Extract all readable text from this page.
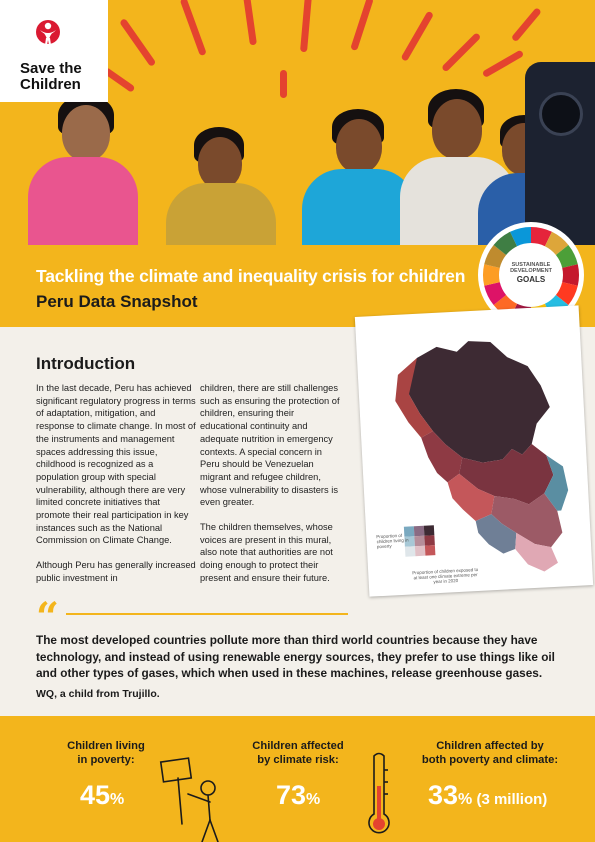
Save the
Children
Tackling the climate and inequality crisis for children
Peru Data Snapshot
SUSTAINABLE
DEVELOPMENT
GOALS
Introduction

In the last decade, Peru has achieved significant regulatory progress in terms of adaptation, mitigation, and response to climate change. In most of the instruments and management spaces addressing this issue, childhood is recognized as a population group with special vulnerability, although there are very limited concrete initiatives that promote their real participation in key instances such as the National Commission on Climate Change.

Although Peru has generally increased public investment in

children, there are still challenges such as ensuring the protection of children, ensuring their educational continuity and adequate nutrition in emergency contexts. A special concern in Peru should be Venezuelan migrant and refugee children, whose vulnerability to disasters is even greater.

The children themselves, whose voices are present in this mural, also note that authorities are not doing enough to protect their present and ensure their future.

Proportion of children living in poverty
Proportion of children exposed to at least one climate extreme per year in 2020
“
The most developed countries pollute more than third world countries because they have technology, and instead of using renewable energy sources, they prefer to use things like oil and other types of gases, which when used in these machines, release greenhouse gases.
WQ, a child from Trujillo.
Children living
in poverty:
45%
Children affected
by climate risk:
73%
Children affected by
both poverty and climate:
33% (3 million)
